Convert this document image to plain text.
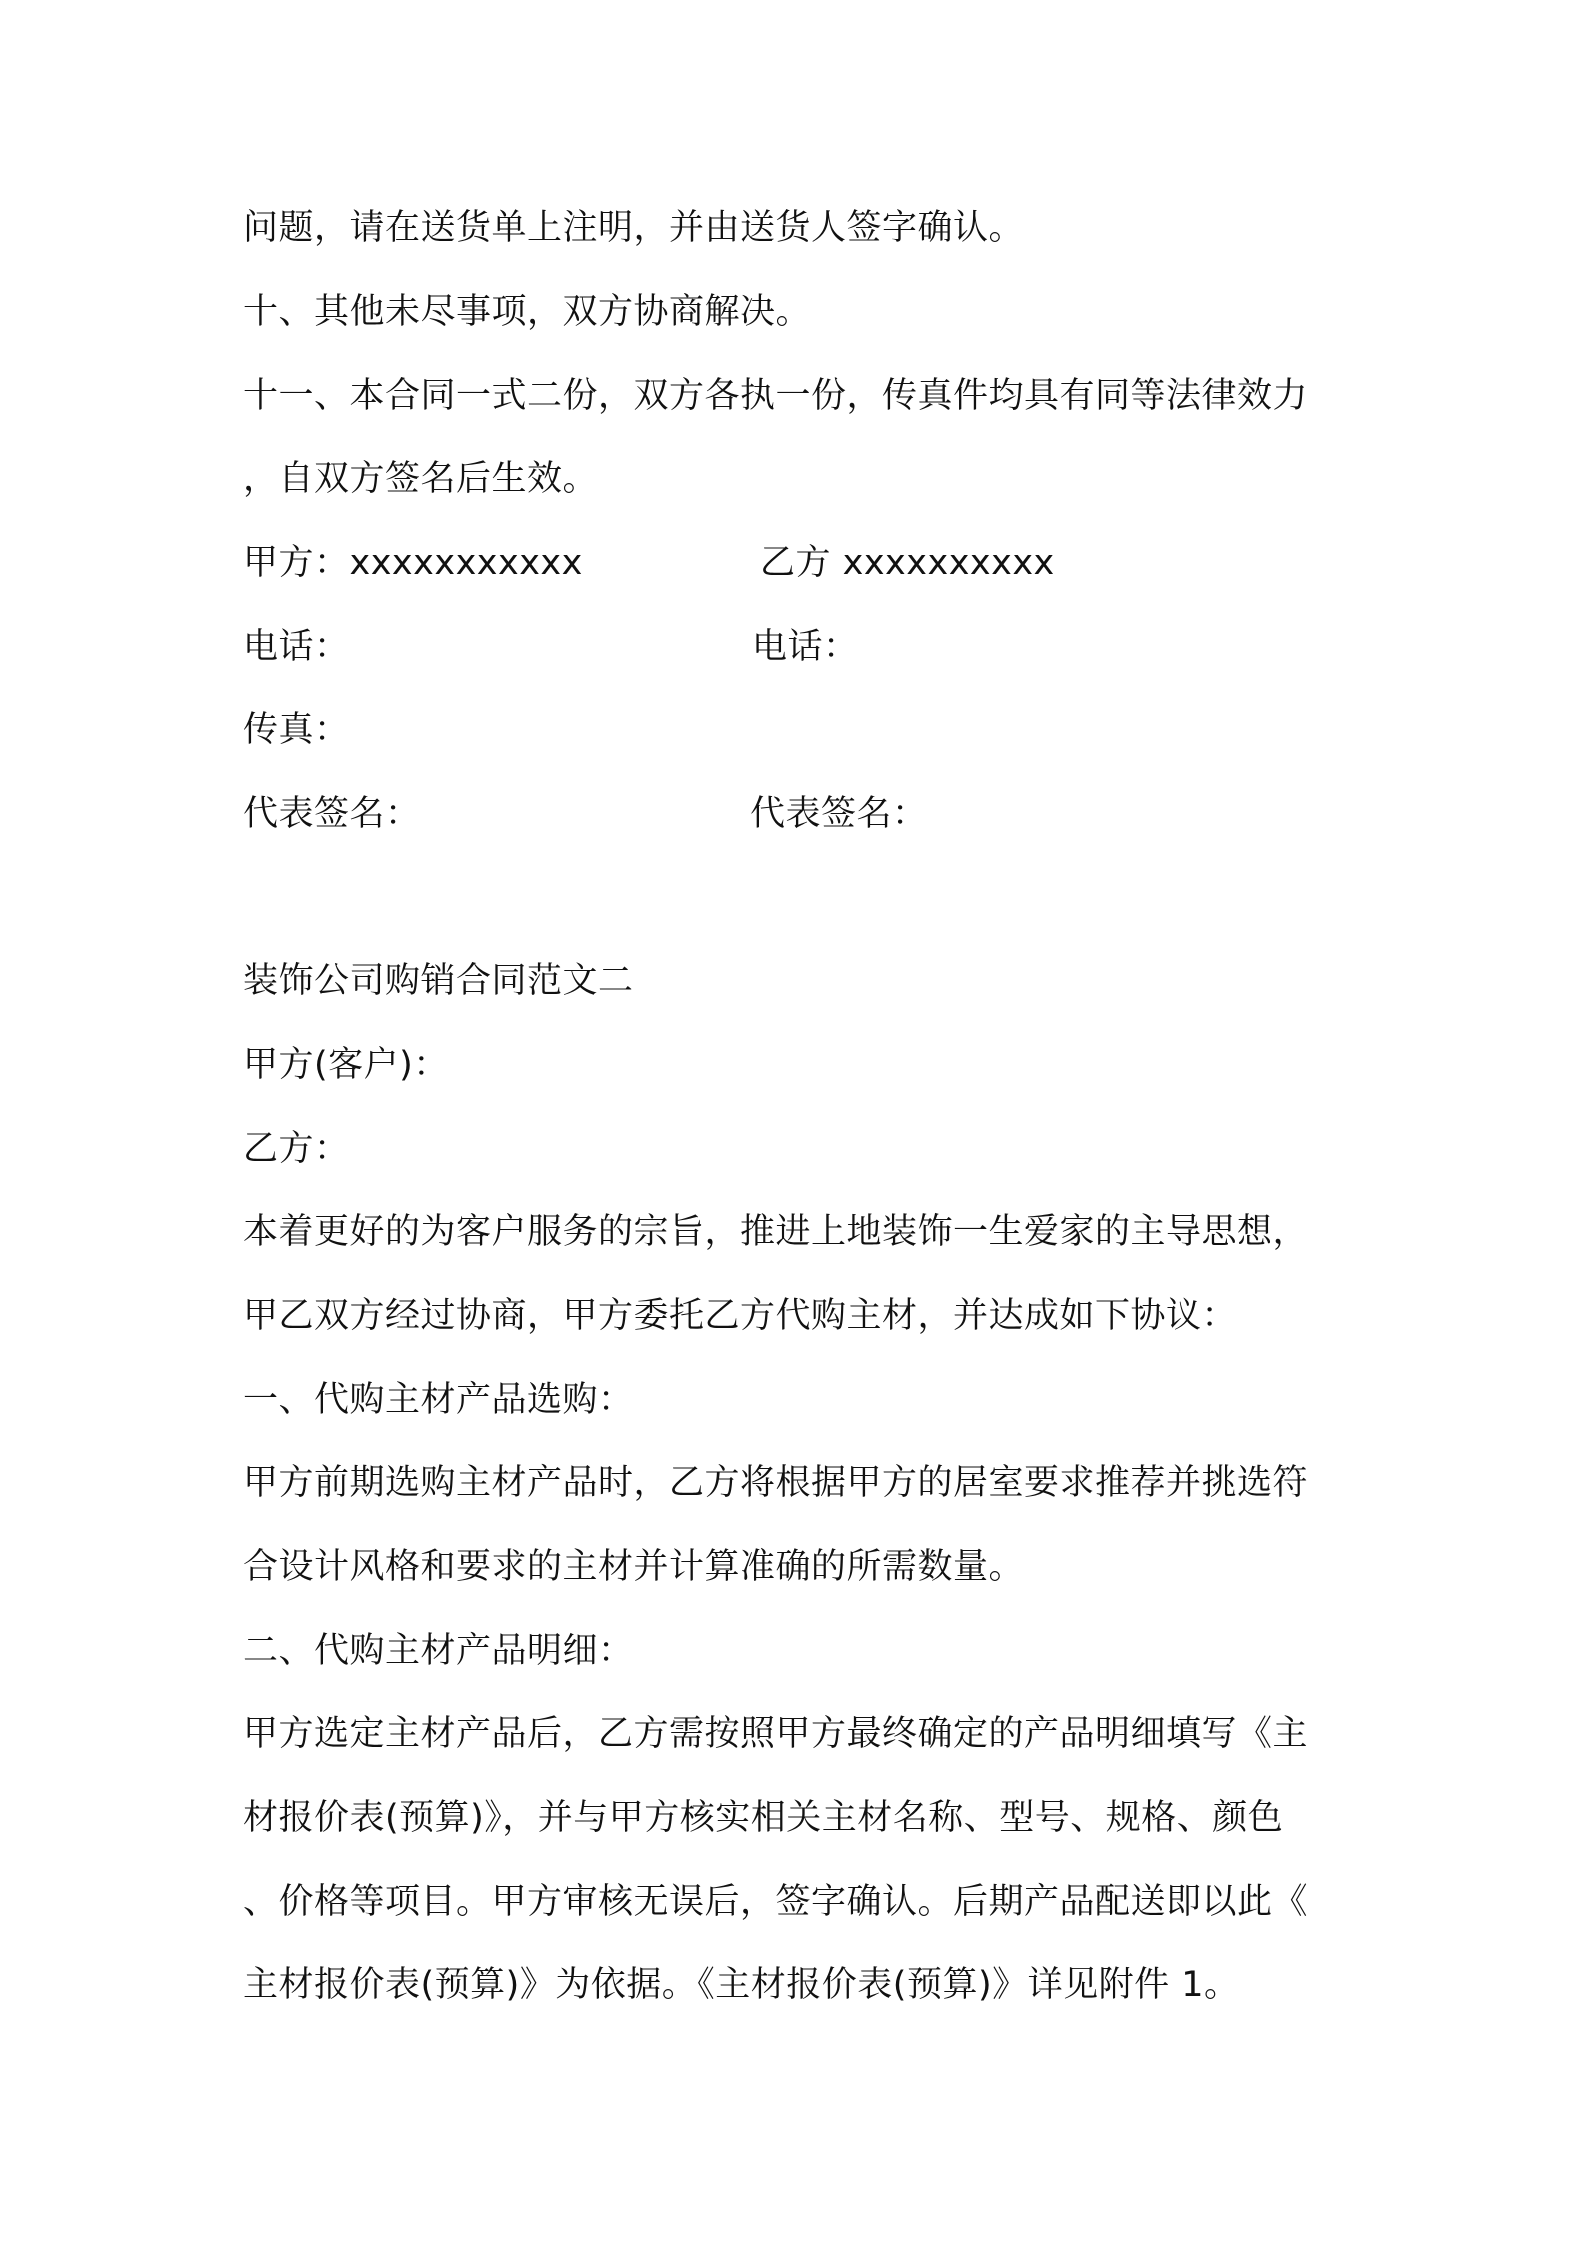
问题，请在送货单上注明，并由送货人签字确认。
十、其他未尽事项，双方协商解决。
十一、本合同一式二份，双方各执一份，传真件均具有同等法律效力
，自双方签名后生效。
甲方：xxxxxxxxxxx	乙方 xxxxxxxxxx
电话：	电话：
传真：
代表签名：	代表签名：
装饰公司购销合同范文二
甲方(客户)：
乙方：
本着更好的为客户服务的宗旨，推进上地装饰一生爱家的主导思想，
甲乙双方经过协商，甲方委托乙方代购主材，并达成如下协议：
一、代购主材产品选购：
甲方前期选购主材产品时，乙方将根据甲方的居室要求推荐并挑选符
合设计风格和要求的主材并计算准确的所需数量。
二、代购主材产品明细：
甲方选定主材产品后，乙方需按照甲方最终确定的产品明细填写《主
材报价表(预算)》，并与甲方核实相关主材名称、型号、规格、颜色
、价格等项目。甲方审核无误后，签字确认。后期产品配送即以此《
主材报价表(预算)》为依据。《主材报价表(预算)》详见附件 1。
